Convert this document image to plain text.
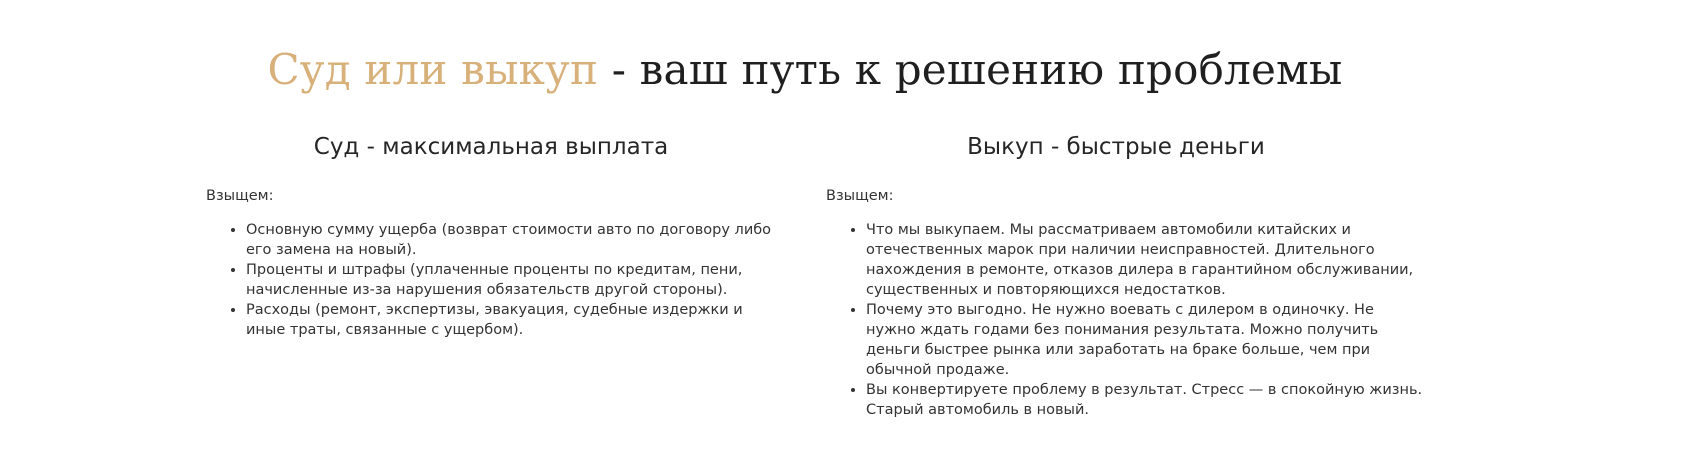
Суд или выкуп - ваш путь к решению проблемы
Суд - максимальная выплата

Взыщем:

• Основную сумму ущерба (возврат стоимости авто по договору либо его замена на новый).
• Проценты и штрафы (уплаченные проценты по кредитам, пени, начисленные из-за нарушения обязательств другой стороны).
• Расходы (ремонт, экспертизы, эвакуация, судебные издержки и иные траты, связанные с ущербом).
Выкуп - быстрые деньги

Взыщем:

• Что мы выкупаем. Мы рассматриваем автомобили китайских и отечественных марок при наличии неисправностей. Длительного нахождения в ремонте, отказов дилера в гарантийном обслуживании, существенных и повторяющихся недостатков.
• Почему это выгодно. Не нужно воевать с дилером в одиночку. Не нужно ждать годами без понимания результата. Можно получить деньги быстрее рынка или заработать на браке больше, чем при обычной продаже.
• Вы конвертируете проблему в результат. Стресс — в спокойную жизнь. Старый автомобиль в новый.
